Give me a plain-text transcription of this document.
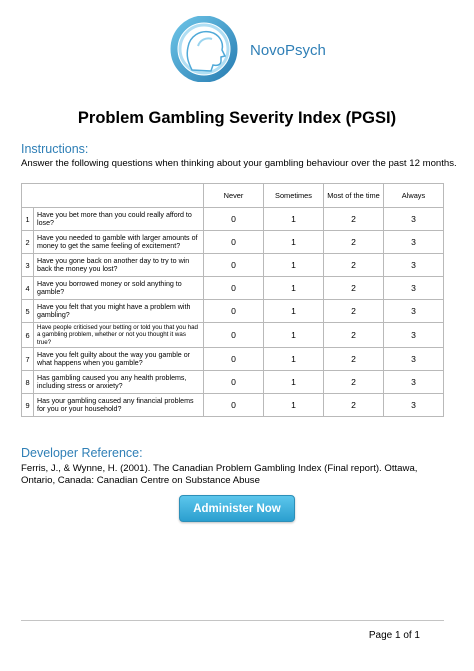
NovoPsych
Problem Gambling Severity Index (PGSI)
Instructions:
Answer the following questions when thinking about your gambling behaviour over the past 12 months.
		Never	Sometimes	Most of the time	Always
1	Have you bet more than you could really afford to lose?	0	1	2	3
2	Have you needed to gamble with larger amounts of money to get the same feeling of excitement?	0	1	2	3
3	Have you gone back on another day to try to win back the money you lost?	0	1	2	3
4	Have you borrowed money or sold anything to gamble?	0	1	2	3
5	Have you felt that you might have a problem with gambling?	0	1	2	3
6	Have people criticised your betting or told you that you had a gambling problem, whether or not you thought it was true?	0	1	2	3
7	Have you felt guilty about the way you gamble or what happens when you gamble?	0	1	2	3
8	Has gambling caused you any health problems, including stress or anxiety?	0	1	2	3
9	Has your gambling caused any financial problems for you or your household?	0	1	2	3
Developer Reference:
Ferris, J., & Wynne, H. (2001). The Canadian Problem Gambling Index (Final report). Ottawa, Ontario, Canada: Canadian Centre on Substance Abuse
Administer Now
Page 1 of 1
